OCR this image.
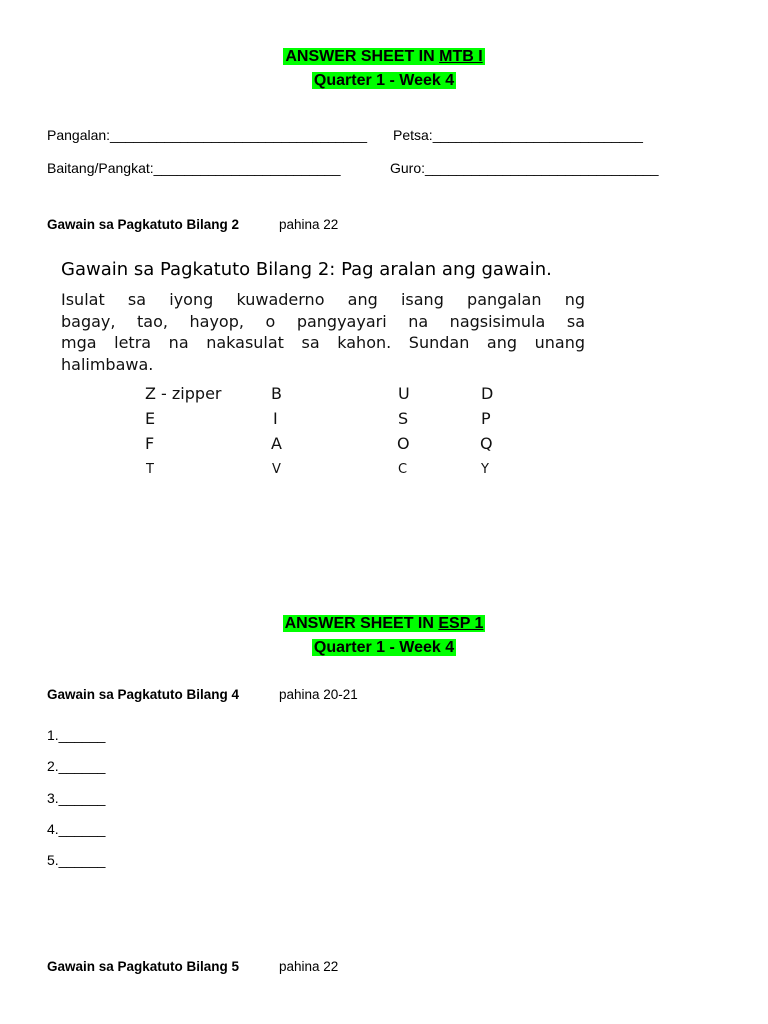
ANSWER SHEET IN MTB I
Quarter 1 - Week 4
Pangalan:_________________________________ Petsa:___________________________
Baitang/Pangkat:________________________	Guro:______________________________
Gawain sa Pagkatuto Bilang 2	pahina 22
Gawain sa Pagkatuto Bilang 2: Pag aralan ang gawain.
Isulat sa iyong kuwaderno ang isang pangalan ng
bagay, tao, hayop, o pangyayari na nagsisimula sa
mga letra na nakasulat sa kahon. Sundan ang unang
halimbawa.
Z - zipper	B	U	D
E	I	S	P
F	A	O	Q
T	V	C	Y
ANSWER SHEET IN ESP 1
Quarter 1 - Week 4
Gawain sa Pagkatuto Bilang 4	pahina 20-21
1.______
2.______
3.______
4.______
5.______
Gawain sa Pagkatuto Bilang 5	pahina 22
